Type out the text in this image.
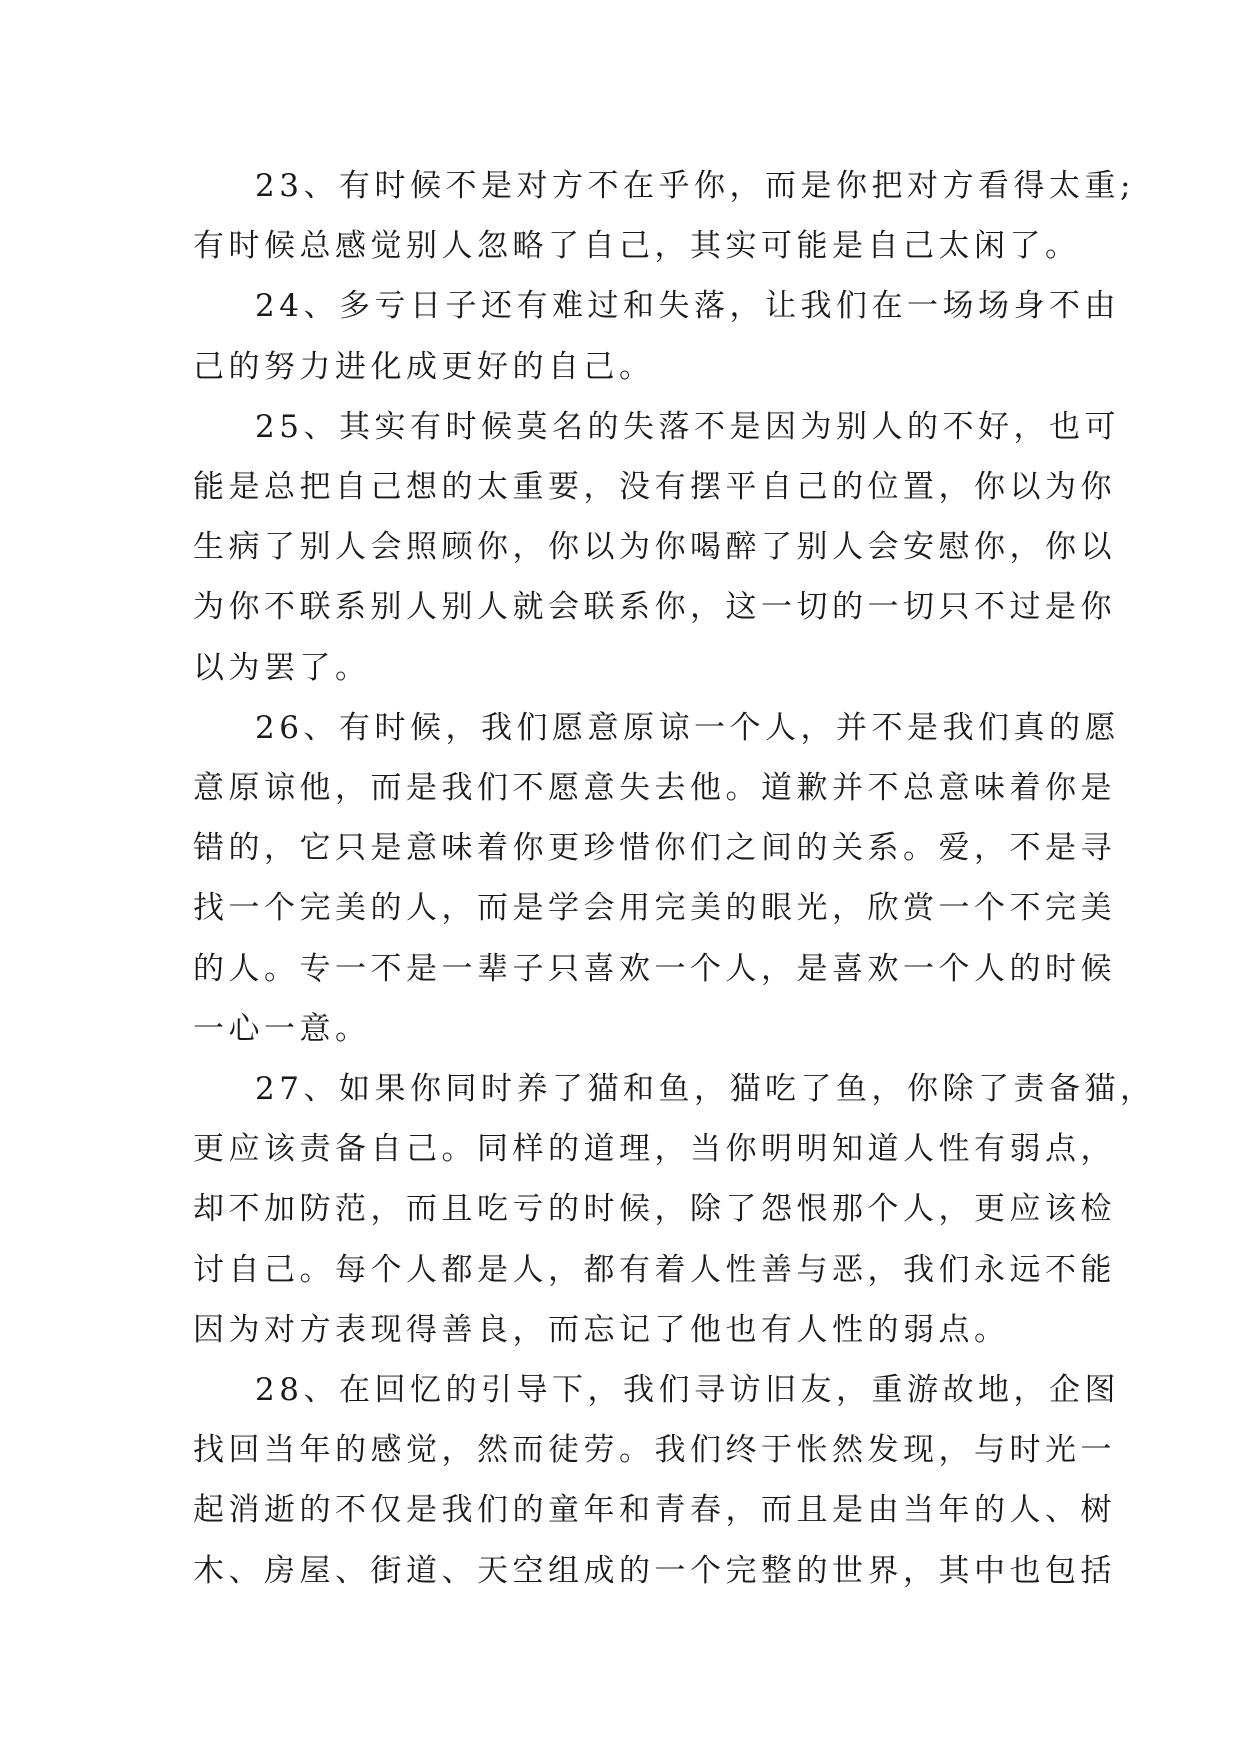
23、有时候不是对方不在乎你，而是你把对方看得太重;
有时候总感觉别人忽略了自己，其实可能是自己太闲了。

24、多亏日子还有难过和失落，让我们在一场场身不由
己的努力进化成更好的自己。

25、其实有时候莫名的失落不是因为别人的不好，也可
能是总把自己想的太重要，没有摆平自己的位置，你以为你
生病了别人会照顾你，你以为你喝醉了别人会安慰你，你以
为你不联系别人别人就会联系你，这一切的一切只不过是你
以为罢了。

26、有时候，我们愿意原谅一个人，并不是我们真的愿
意原谅他，而是我们不愿意失去他。道歉并不总意味着你是
错的，它只是意味着你更珍惜你们之间的关系。爱，不是寻
找一个完美的人，而是学会用完美的眼光，欣赏一个不完美
的人。专一不是一辈子只喜欢一个人，是喜欢一个人的时候
一心一意。

27、如果你同时养了猫和鱼，猫吃了鱼，你除了责备猫，
更应该责备自己。同样的道理，当你明明知道人性有弱点，
却不加防范，而且吃亏的时候，除了怨恨那个人，更应该检
讨自己。每个人都是人，都有着人性善与恶，我们永远不能
因为对方表现得善良，而忘记了他也有人性的弱点。

28、在回忆的引导下，我们寻访旧友，重游故地，企图
找回当年的感觉，然而徒劳。我们终于怅然发现，与时光一
起消逝的不仅是我们的童年和青春，而且是由当年的人、树
木、房屋、街道、天空组成的一个完整的世界，其中也包括
